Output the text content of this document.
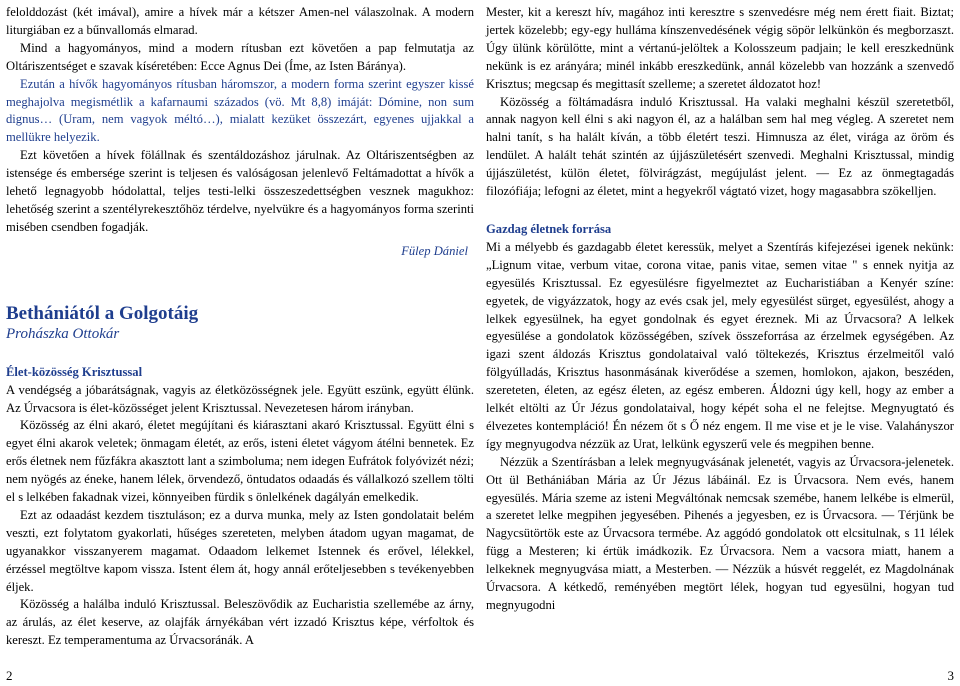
felolddozást (két imával), amire a hívek már a kétszer Amen-nel válaszolnak. A modern liturgiában ez a bűnvallomás elmarad.

Mind a hagyományos, mind a modern rítusban ezt követően a pap felmutatja az Oltáriszentséget e szavak kíséretében: Ecce Agnus Dei (Íme, az Isten Báránya).

Ezután a hívők hagyományos rítusban háromszor, a modern forma szerint egyszer kissé meghajolva megismétlik a kafarnaumi százados (vö. Mt 8,8) imáját: Dómine, non sum dignus… (Uram, nem vagyok méltó…), mialatt kezüket összezárt, egyenes ujjakkal a mellükre helyezik.

Ezt követően a hívek fölállnak és szentáldozáshoz járulnak. Az Oltáriszentségben az istensége és embersége szerint is teljesen és valóságosan jelenlevő Feltámadottat a hívők a lehető legnagyobb hódolattal, teljes testi-lelki összeszedettségben vesznek magukhoz: lehetőség szerint a szentélyrekesztőhöz térdelve, nyelvükre és a hagyományos forma szerinti misében csendben fogadják.

Fülep Dániel
Betháni​ától a Golgotáig
Prohászka Ottokár
Élet-közösség Krisztussal

A vendégség a jóbarátságnak, vagyis az életközösségnek jele. Együtt eszünk, együtt élünk. Az Úrvacsora is élet-közösséget jelent Krisztussal. Nevezetesen három irányban.

Közösség az élni akaró, életet megújítani és kiárasztani akaró Krisztussal. Együtt élni s egyet élni akarok veletek; önmagam életét, az erős, isteni életet vágyom átélni bennetek. Ez erős életnek nem fűzfákra akasztott lant a szimboluma; nem idegen Eufrátok folyóvizét nézi; nem nyögés az éneke, hanem lélek, örvendező, öntudatos odaadás és vállalkozó szellem tölti el s lelkében fakadnak vizei, könnyeiben fürdik s önlelkének dagályán emelkedik.

Ezt az odaadást kezdem tisztuláson; ez a durva munka, mely az Isten gondolatait belém veszti, ezt folytatom gyakorlati, hűséges szereteten, melyben átadom ugyan magamat, de ugyanakkor visszanyerem magamat. Odaadom lelkemet Istennek és erővel, lélekkel, érzéssel megtöltve kapom vissza. Istent élem át, hogy annál erőteljesebben s tevékenyebben éljek.

Közösség a halálba induló Krisztussal. Beleszövődik az Eucharistia szellemébe az árny, az árulás, az élet keserve, az olajfák árnyékában vért izzadó Krisztus képe, vérfoltok és kereszt. Ez temperamentuma az Úrvacsoránák. A

Mester, kit a kereszt hív, magához inti keresztre s szenvedésre még nem érett fiait. Biztat; jertek közelebb; egy-egy hulláma kínszenvedésének végig söpör lelkünkön és megborzaszt. Úgy ülünk körülötte, mint a vértanú-jelöltek a Kolosszeum padjain; le kell ereszkednünk nekünk is ez arányára; minél inkább ereszkedünk, annál közelebb van hozzánk a szenvedő Krisztus; megcsap és megittasít szelleme; a szeretet áldozatot hoz!

Közösség a föltámadásra induló Krisztussal. Ha valaki meghalni készül szeretetből, annak nagyon kell élni s aki nagyon él, az a halálban sem hal meg végleg. A szeretet nem halni tanít, s ha halált kíván, a több életért teszi. Himnusza az élet, virága az öröm és lendület. A halált tehát szintén az újjászületésért szenvedi. Meghalni Krisztussal, mindig újjászületést, külön életet, fölvirágzást, megújulást jelent. — Ez az önmegtagadás filozófiája; lefogni az életet, mint a hegyekről vágtató vizet, hogy magasabbra szökelljen.

Gazdag életnek forrása

Mi a mélyebb és gazdagabb életet keressük, melyet a Szentírás kifejezései igenek nekünk: „Lignum vitae, verbum vitae, corona vitae, panis vitae, semen vitae " s ennek nyitja az egyesülés Krisztussal. Ez egyesülésre figyelmeztet az Eucharistiában a Kenyér színe: egyetek, de vigyázzatok, hogy az evés csak jel, mely egyesülést sürget, egyesülést, ahogy a lelkek egyesülnek, ha egyet gondolnak és egyet éreznek. Mi az Úrvacsora? A lelkek egyesülése a gondolatok közösségében, szívek összeforrása az érzelmek egységében. Az igazi szent áldozás Krisztus gondolataival való töltekezés, Krisztus érzelmeitől való fölgyúlladás, Krisztus hasonmásának kiverődése a szemen, homlokon, ajakon, beszéden, szereteten, életen, az egész életen, az egész emberen. Áldozni úgy kell, hogy az ember a lelkét eltölti az Úr Jézus gondolataival, hogy képét soha el ne felejtse. Megnyugtató és élvezetes kontempláció! Én nézem őt s Ő néz engem. Il me vise et je le vise. Valahányszor így megnyugodva nézzük az Urat, lelkünk egyszerű vele és megpihen benne.

Nézzük a Szentírásban a lelek megnyugvásának jelenetét, vagyis az Úrvacsora-jelenetek. Ott ül Betháni​ában Mária az Úr Jézus lábáinál. Ez is Úrvacsora. Nem evés, hanem egyesülés. Mária szeme az isteni Megváltónak nemcsak szemébe, hanem lelkébe is elmerül, a szeretet lelke megpihen jegyesében. Pihenés a jegyesben, ez is Úrvacsora. — Térjünk be Nagycsütörtök este az Úrvacsora termébe. Az aggódó gondolatok ott elcsitulnak, s 11 lélek függ a Mesteren; ki értük imádkozik. Ez Úrvacsora. Nem a vacsora miatt, hanem a lelkeknek megnyugvása miatt, a Mesterben. — Nézzük a húsvét reggelét, ez Magdolnának Úrvacsora. A kétkedő, remény​ében megtört lélek, hogyan tud egyesülni, hogyan tud megnyugodni

2	3
